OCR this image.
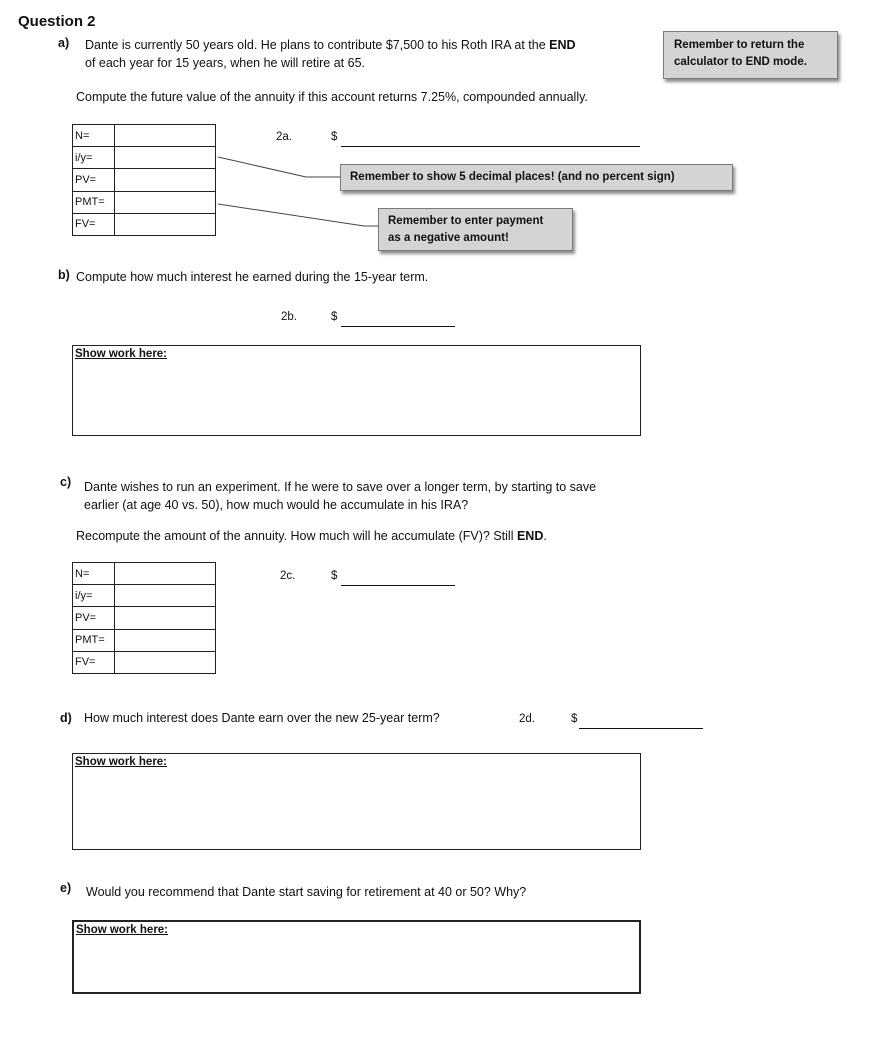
Question 2
Remember to return the
calculator to END mode.
a) Dante is currently 50 years old. He plans to contribute $7,500 to his Roth IRA at the END
of each year for 15 years, when he will retire at 65.
Compute the future value of the annuity if this account returns 7.25%, compounded annually.
N=	
i/y=	
PV=	
PMT=	
FV=	
2a.	$
Remember to show 5 decimal places! (and no percent sign)
Remember to enter payment
as a negative amount!
b) Compute how much interest he earned during the 15-year term.
2b.	$
Show work here:
c) Dante wishes to run an experiment. If he were to save over a longer term, by starting to save
earlier (at age 40 vs. 50), how much would he accumulate in his IRA?
Recompute the amount of the annuity. How much will he accumulate (FV)? Still END.
N=	
i/y=	
PV=	
PMT=	
FV=	
2c.	$
d) How much interest does Dante earn over the new 25-year term?	2d.	$
Show work here:
e) Would you recommend that Dante start saving for retirement at 40 or 50? Why?
Show work here:
